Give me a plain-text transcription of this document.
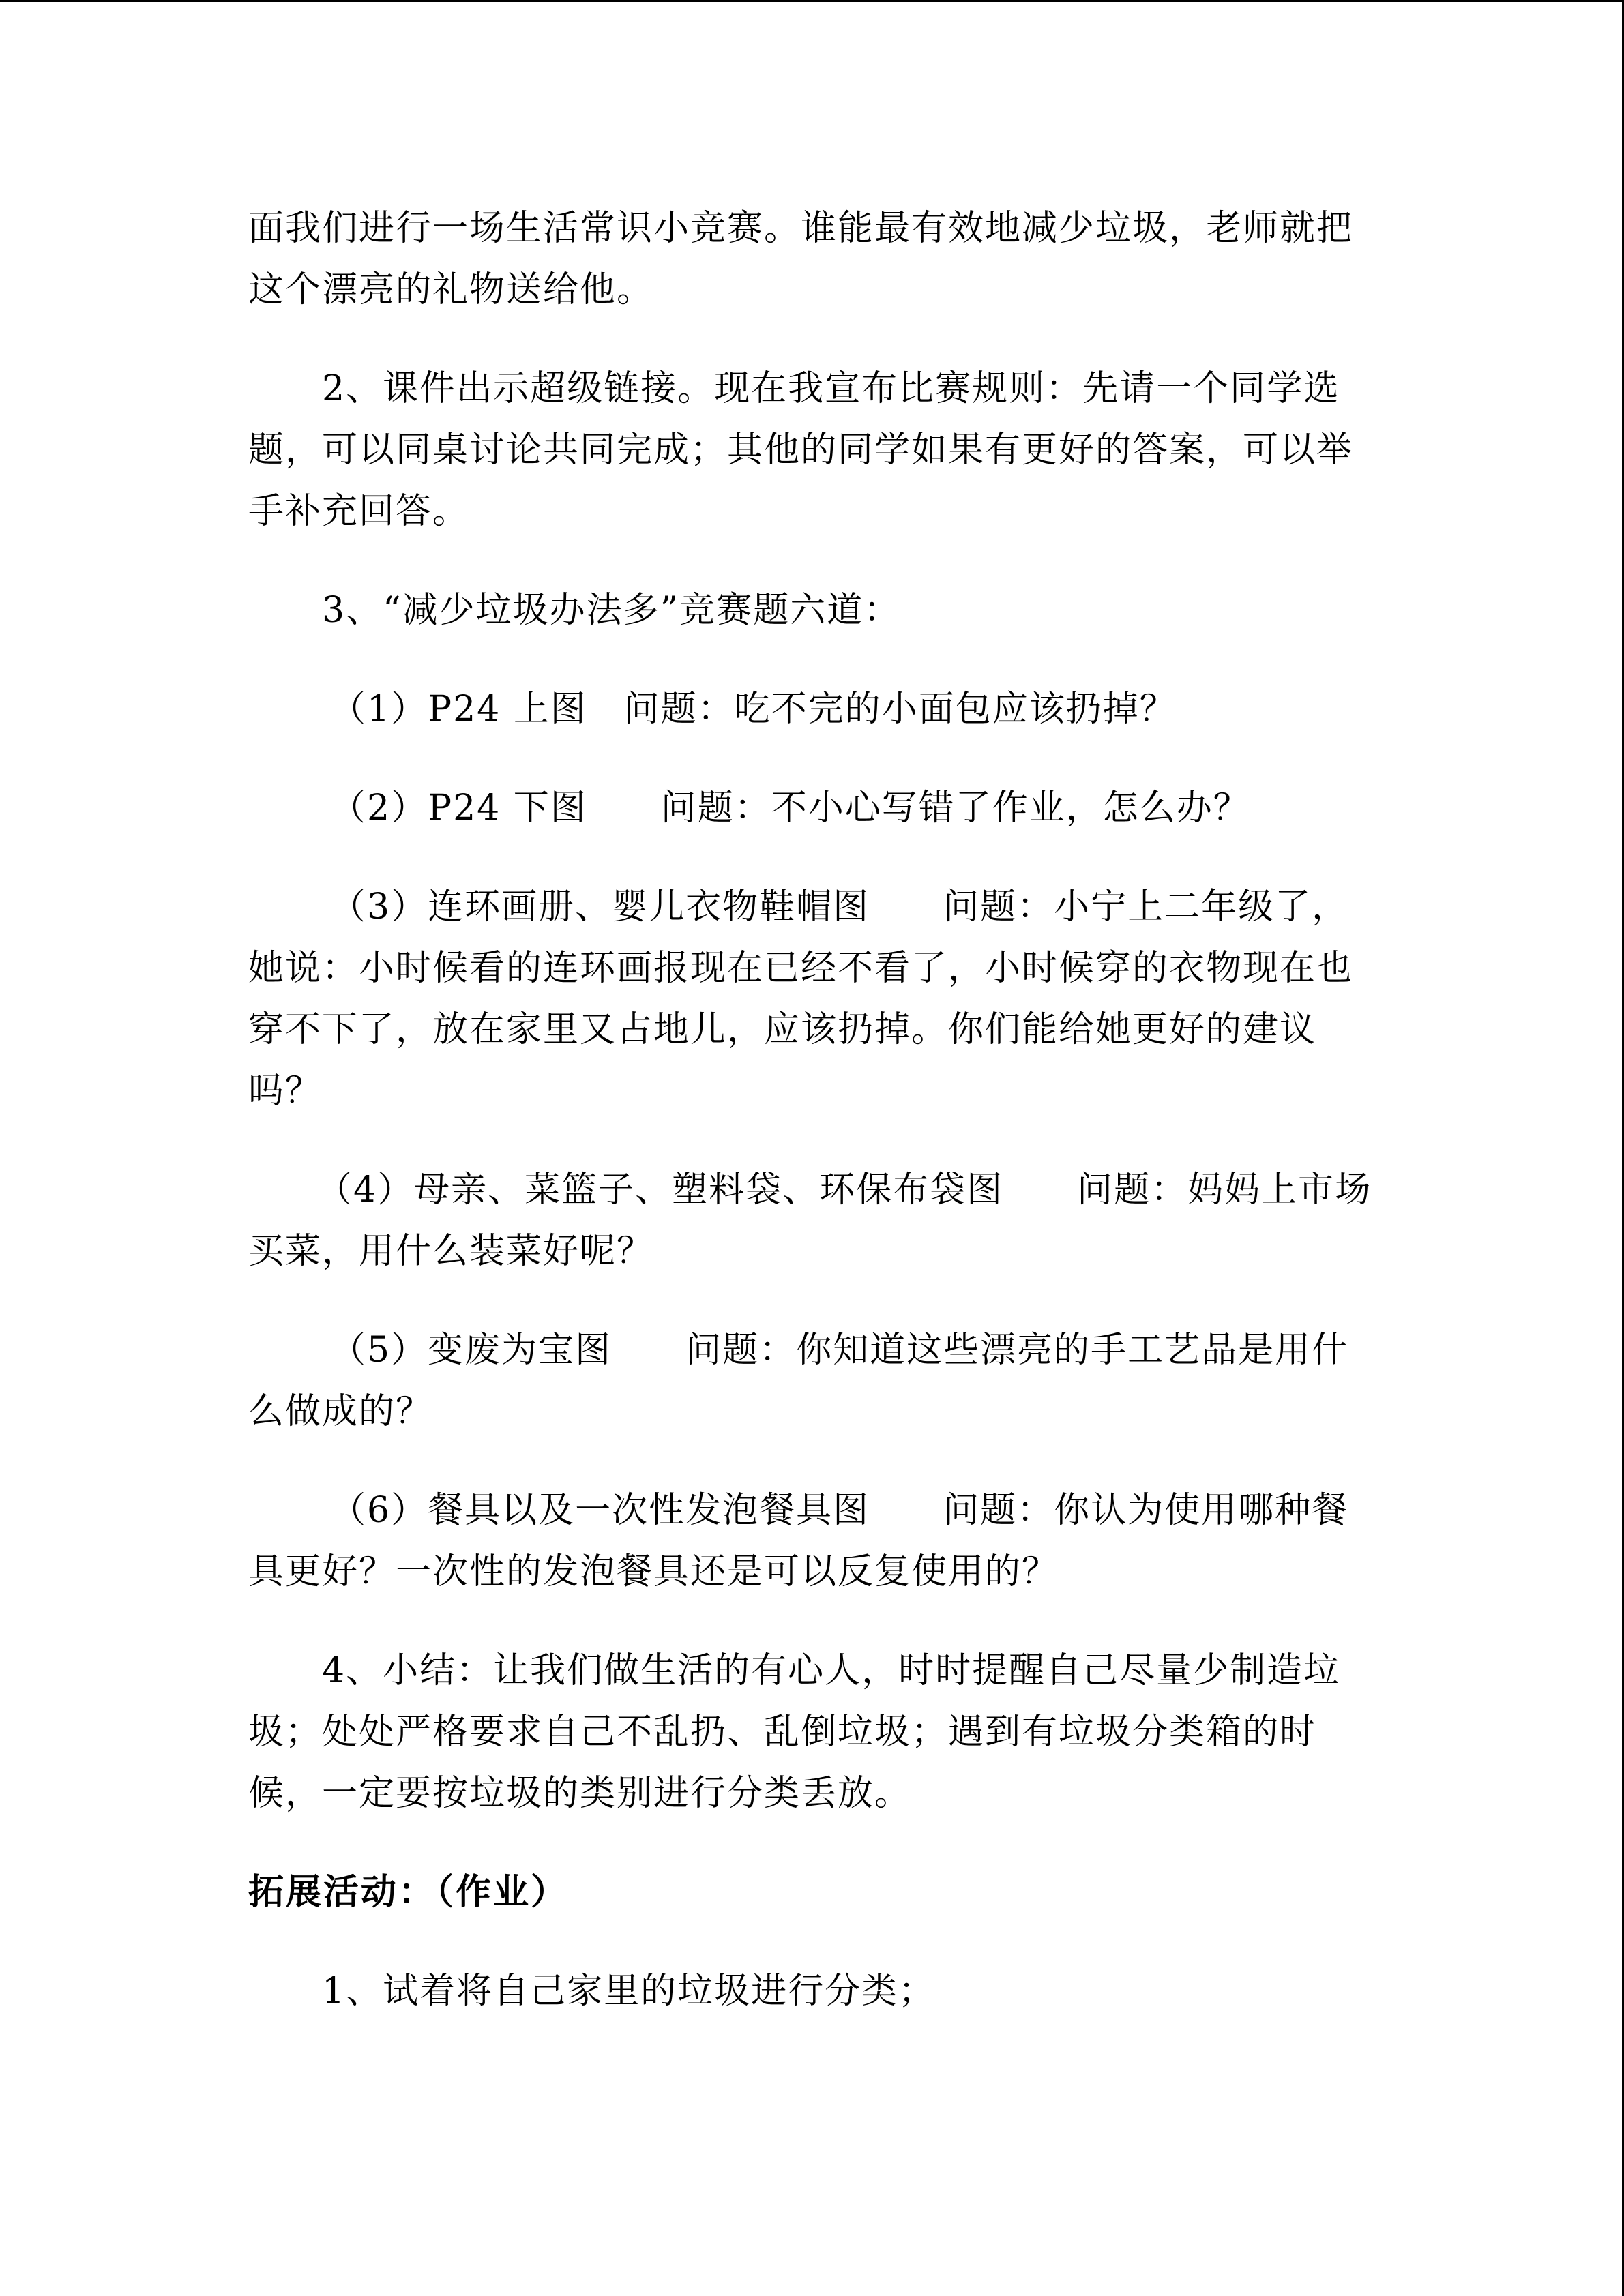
面我们进行一场生活常识小竞赛。谁能最有效地减少垃圾，老师就把这个漂亮的礼物送给他。

2、课件出示超级链接。现在我宣布比赛规则：先请一个同学选题，可以同桌讨论共同完成；其他的同学如果有更好的答案，可以举手补充回答。

3、“减少垃圾办法多”竞赛题六道：

（1）P24 上图　问题：吃不完的小面包应该扔掉？

（2）P24 下图　　问题：不小心写错了作业，怎么办？

（3）连环画册、婴儿衣物鞋帽图　　问题：小宁上二年级了，她说：小时候看的连环画报现在已经不看了，小时候穿的衣物现在也穿不下了，放在家里又占地儿，应该扔掉。你们能给她更好的建议吗？

（4）母亲、菜篮子、塑料袋、环保布袋图　　问题：妈妈上市场买菜，用什么装菜好呢？

（5）变废为宝图　　问题：你知道这些漂亮的手工艺品是用什么做成的？

（6）餐具以及一次性发泡餐具图　　问题：你认为使用哪种餐具更好？一次性的发泡餐具还是可以反复使用的？

4、小结：让我们做生活的有心人，时时提醒自己尽量少制造垃圾；处处严格要求自己不乱扔、乱倒垃圾；遇到有垃圾分类箱的时候，一定要按垃圾的类别进行分类丢放。

拓展活动：（作业）

1、试着将自己家里的垃圾进行分类；
